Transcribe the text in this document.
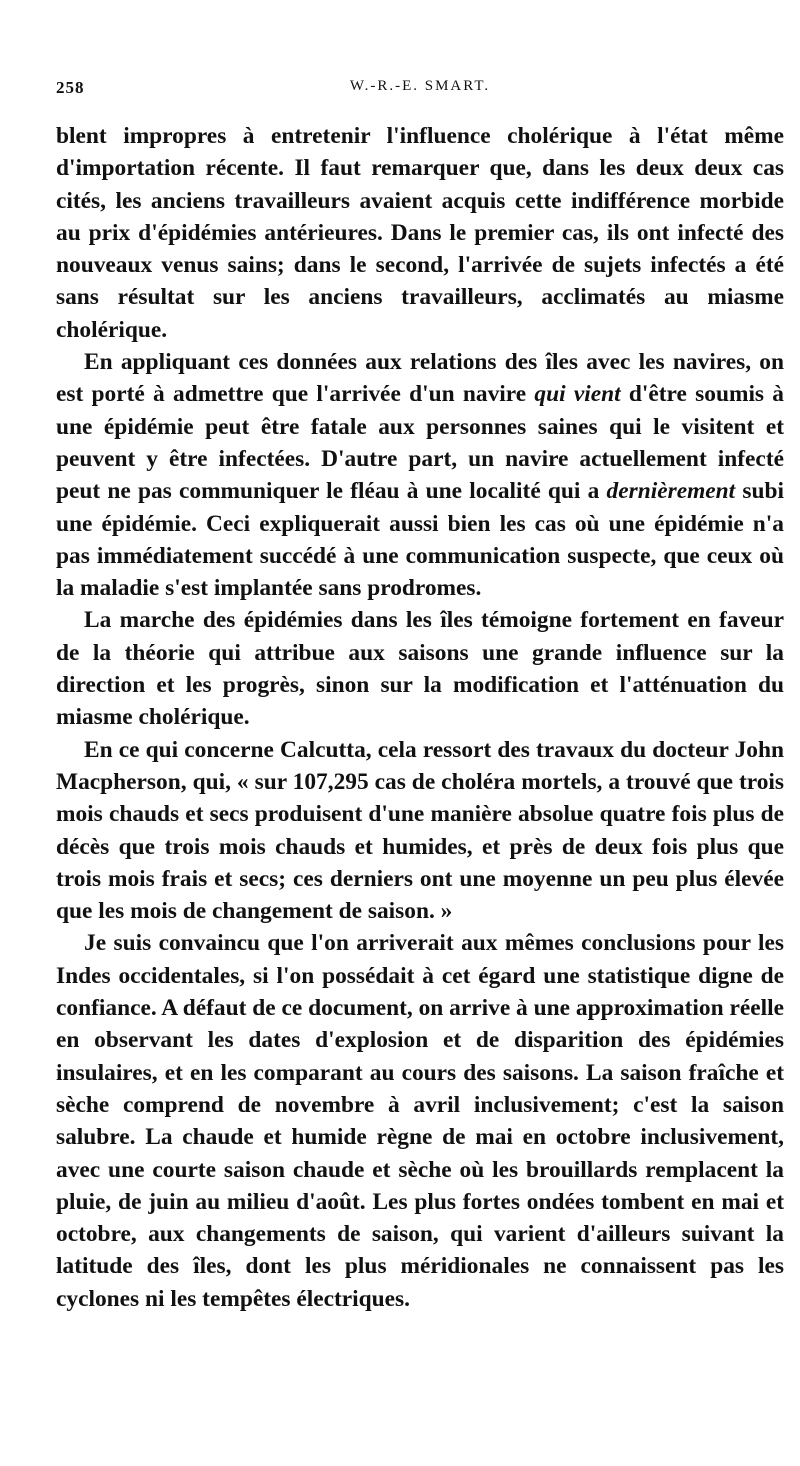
258	W.-R.-E. SMART.

blent impropres à entretenir l'influence cholérique à l'état même d'importation récente. Il faut remarquer que, dans les deux deux cas cités, les anciens travailleurs avaient acquis cette indifférence morbide au prix d'épidémies antérieures. Dans le premier cas, ils ont infecté des nouveaux venus sains; dans le second, l'arrivée de sujets infectés a été sans résultat sur les anciens travailleurs, acclimatés au miasme cholérique.

En appliquant ces données aux relations des îles avec les navires, on est porté à admettre que l'arrivée d'un navire qui vient d'être soumis à une épidémie peut être fatale aux personnes saines qui le visitent et peuvent y être infectées. D'autre part, un navire actuellement infecté peut ne pas communiquer le fléau à une localité qui a dernièrement subi une épidémie. Ceci expliquerait aussi bien les cas où une épidémie n'a pas immédiatement succédé à une communication suspecte, que ceux où la maladie s'est implantée sans prodromes.

La marche des épidémies dans les îles témoigne fortement en faveur de la théorie qui attribue aux saisons une grande influence sur la direction et les progrès, sinon sur la modification et l'atténuation du miasme cholérique.

En ce qui concerne Calcutta, cela ressort des travaux du docteur John Macpherson, qui, « sur 107,295 cas de choléra mortels, a trouvé que trois mois chauds et secs produisent d'une manière absolue quatre fois plus de décès que trois mois chauds et humides, et près de deux fois plus que trois mois frais et secs; ces derniers ont une moyenne un peu plus élevée que les mois de changement de saison. »

Je suis convaincu que l'on arriverait aux mêmes conclusions pour les Indes occidentales, si l'on possédait à cet égard une statistique digne de confiance. A défaut de ce document, on arrive à une approximation réelle en observant les dates d'explosion et de disparition des épidémies insulaires, et en les comparant au cours des saisons. La saison fraîche et sèche comprend de novembre à avril inclusivement; c'est la saison salubre. La chaude et humide règne de mai en octobre inclusivement, avec une courte saison chaude et sèche où les brouillards remplacent la pluie, de juin au milieu d'août. Les plus fortes ondées tombent en mai et octobre, aux changements de saison, qui varient d'ailleurs suivant la latitude des îles, dont les plus méridionales ne connaissent pas les cyclones ni les tempêtes électriques.
